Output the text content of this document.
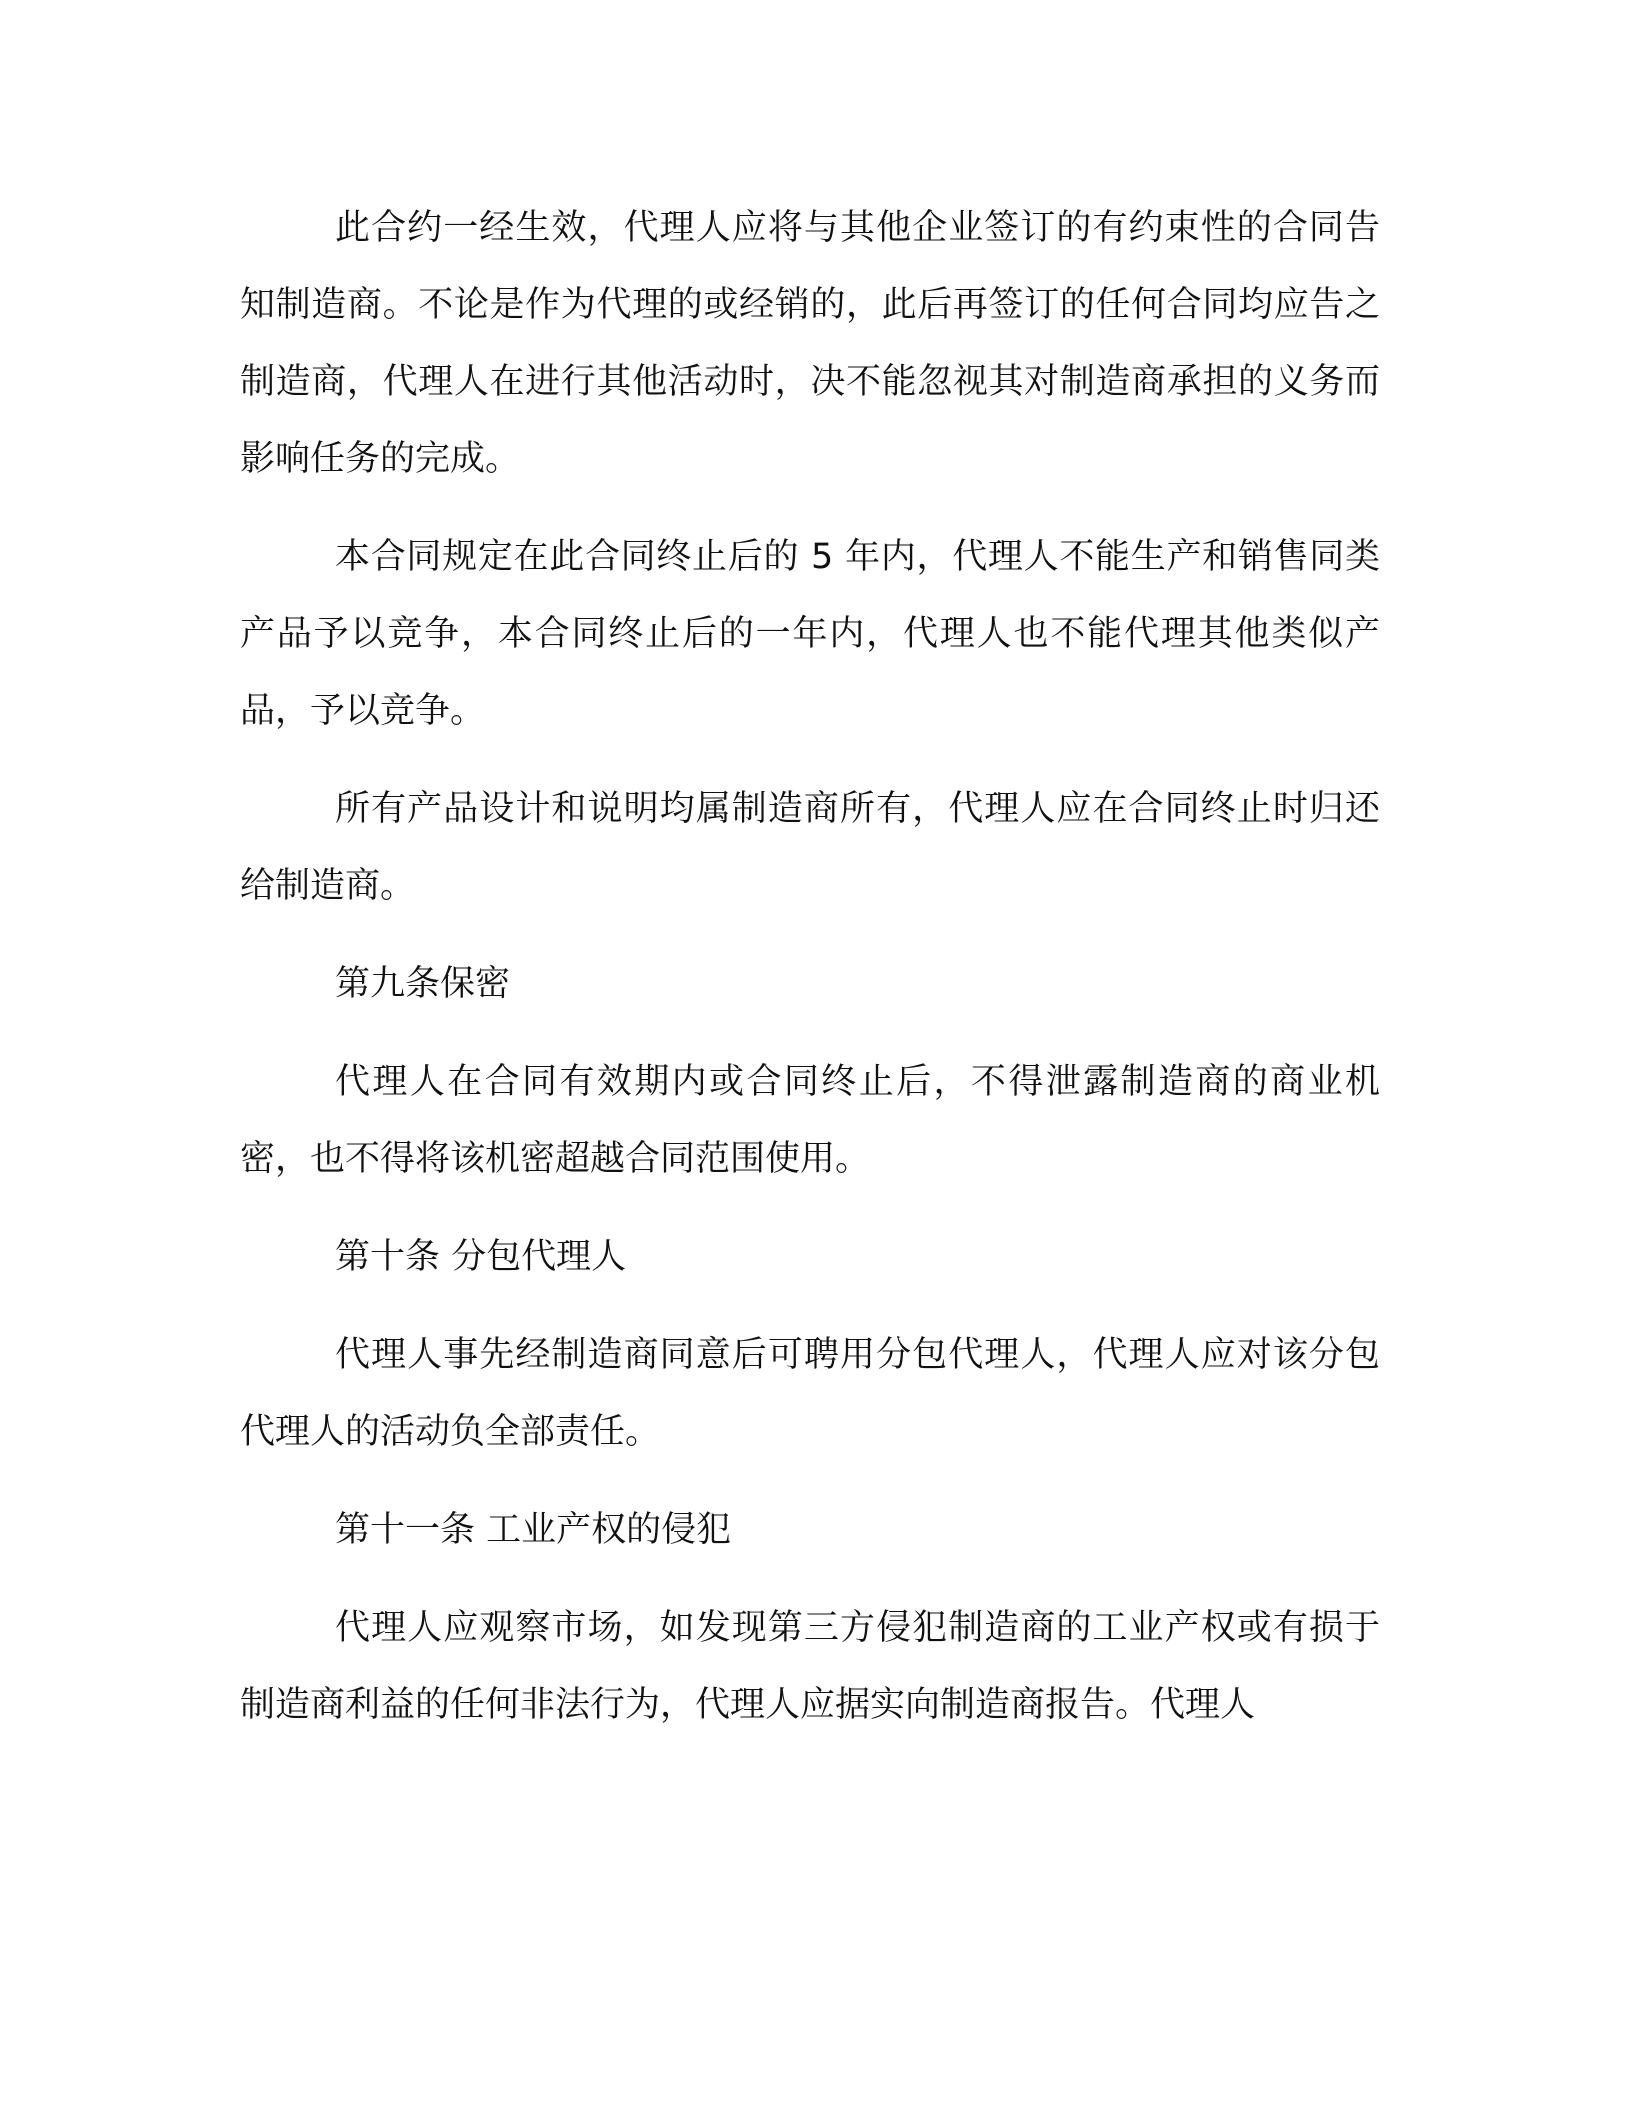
此合约一经生效，代理人应将与其他企业签订的有约束性的合同告知制造商。不论是作为代理的或经销的，此后再签订的任何合同均应告之制造商，代理人在进行其他活动时，决不能忽视其对制造商承担的义务而影响任务的完成。

本合同规定在此合同终止后的 5 年内，代理人不能生产和销售同类产品予以竞争，本合同终止后的一年内，代理人也不能代理其他类似产品，予以竞争。

所有产品设计和说明均属制造商所有，代理人应在合同终止时归还给制造商。

第九条保密

代理人在合同有效期内或合同终止后，不得泄露制造商的商业机密，也不得将该机密超越合同范围使用。

第十条 分包代理人

代理人事先经制造商同意后可聘用分包代理人，代理人应对该分包代理人的活动负全部责任。

第十一条 工业产权的侵犯

代理人应观察市场，如发现第三方侵犯制造商的工业产权或有损于制造商利益的任何非法行为，代理人应据实向制造商报告。代理人
